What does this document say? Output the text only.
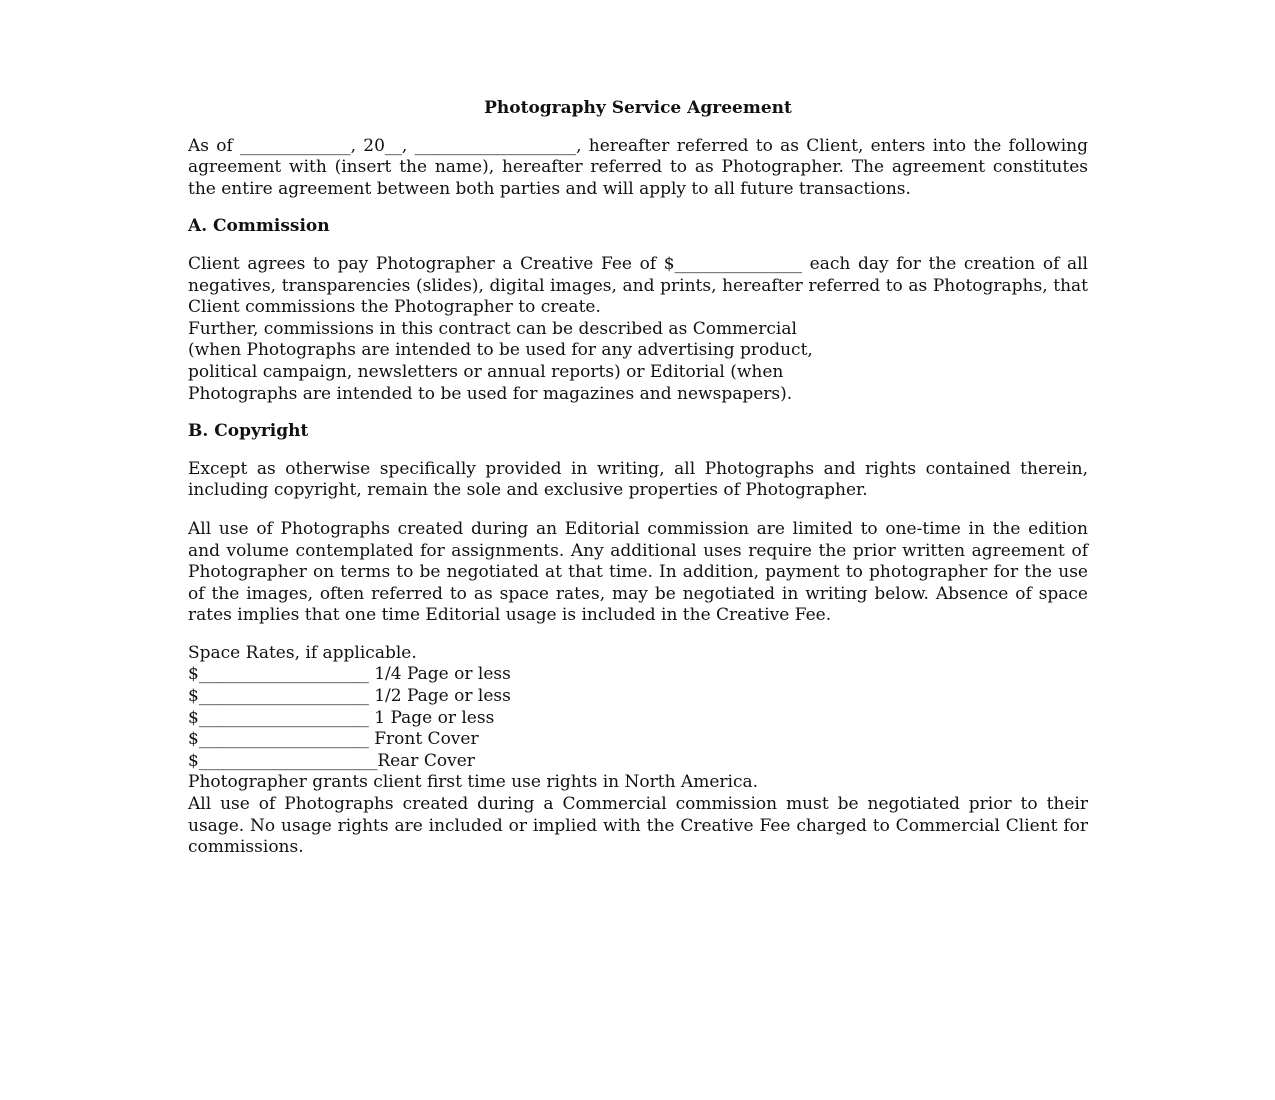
Photography Service Agreement

As of _____________, 20__, ___________________, hereafter referred to as Client, enters into the following agreement with (insert the name), hereafter referred to as Photographer. The agreement constitutes the entire agreement between both parties and will apply to all future transactions.

A. Commission

Client agrees to pay Photographer a Creative Fee of $_______________ each day for the creation of all negatives, transparencies (slides), digital images, and prints, hereafter referred to as Photographs, that Client commissions the Photographer to create.

Further, commissions in this contract can be described as Commercial

(when Photographs are intended to be used for any advertising product,

political campaign, newsletters or annual reports) or Editorial (when

Photographs are intended to be used for magazines and newspapers).

B. Copyright

Except as otherwise specifically provided in writing, all Photographs and rights contained therein, including copyright, remain the sole and exclusive properties of Photographer.

All use of Photographs created during an Editorial commission are limited to one-time in the edition and volume contemplated for assignments. Any additional uses require the prior written agreement of Photographer on terms to be negotiated at that time. In addition, payment to photographer for the use of the images, often referred to as space rates, may be negotiated in writing below. Absence of space rates implies that one time Editorial usage is included in the Creative Fee.

Space Rates, if applicable.

$____________________ 1/4 Page or less

$____________________ 1/2 Page or less

$____________________ 1 Page or less

$____________________ Front Cover

$_____________________Rear Cover

Photographer grants client first time use rights in North America.

All use of Photographs created during a Commercial commission must be negotiated prior to their usage. No usage rights are included or implied with the Creative Fee charged to Commercial Client for commissions.
